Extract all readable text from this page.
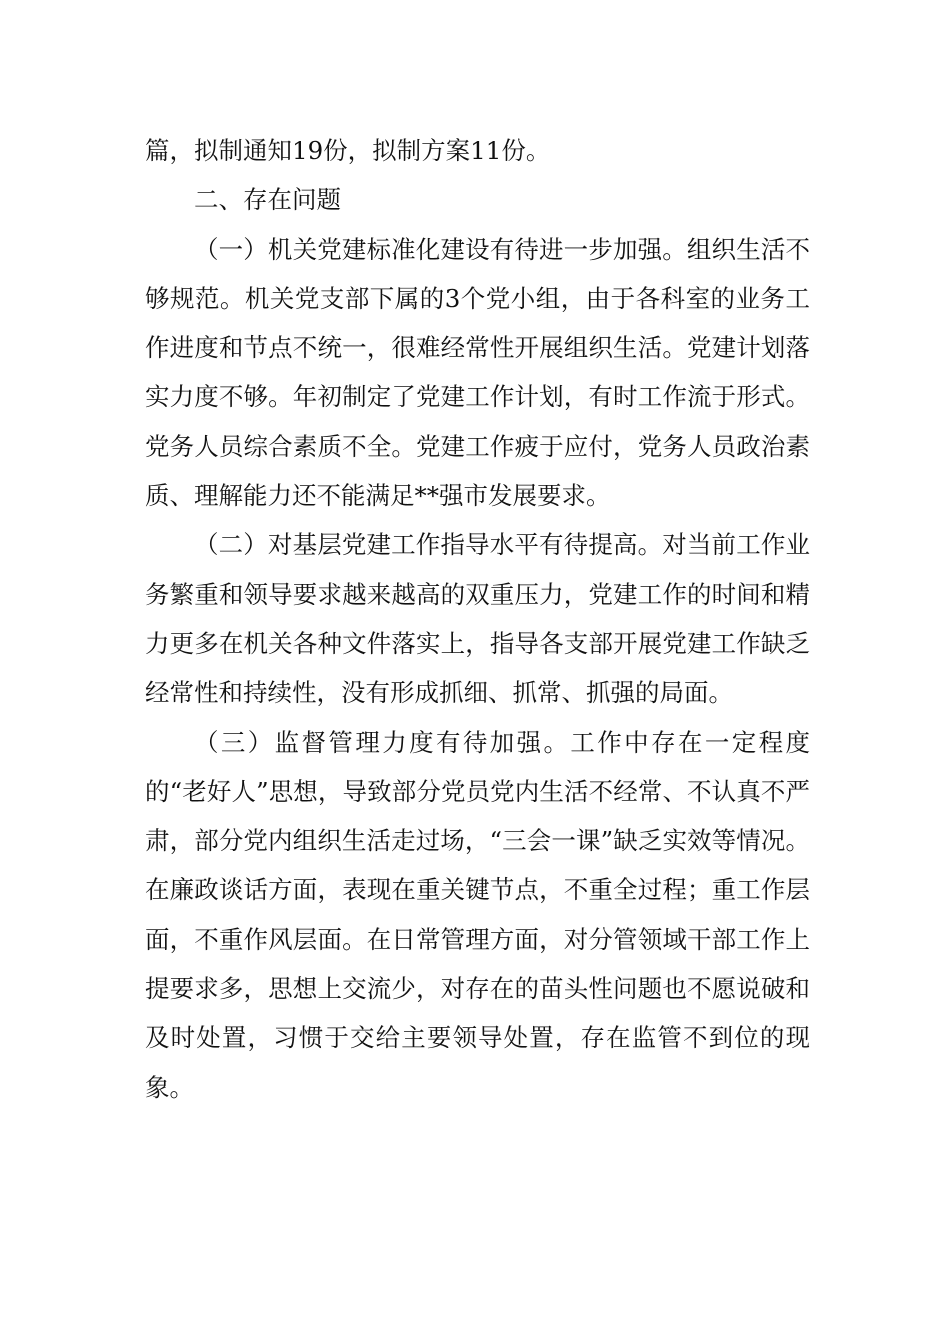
篇，拟制通知19份，拟制方案11份。

二、存在问题

（一）机关党建标准化建设有待进一步加强。组织生活不够规范。机关党支部下属的3个党小组，由于各科室的业务工作进度和节点不统一，很难经常性开展组织生活。党建计划落实力度不够。年初制定了党建工作计划，有时工作流于形式。党务人员综合素质不全。党建工作疲于应付，党务人员政治素质、理解能力还不能满足**强市发展要求。

（二）对基层党建工作指导水平有待提高。对当前工作业务繁重和领导要求越来越高的双重压力，党建工作的时间和精力更多在机关各种文件落实上，指导各支部开展党建工作缺乏经常性和持续性，没有形成抓细、抓常、抓强的局面。

（三）监督管理力度有待加强。工作中存在一定程度的“老好人”思想，导致部分党员党内生活不经常、不认真不严肃，部分党内组织生活走过场，“三会一课”缺乏实效等情况。在廉政谈话方面，表现在重关键节点，不重全过程；重工作层面，不重作风层面。在日常管理方面，对分管领域干部工作上提要求多，思想上交流少，对存在的苗头性问题也不愿说破和及时处置，习惯于交给主要领导处置，存在监管不到位的现象。
